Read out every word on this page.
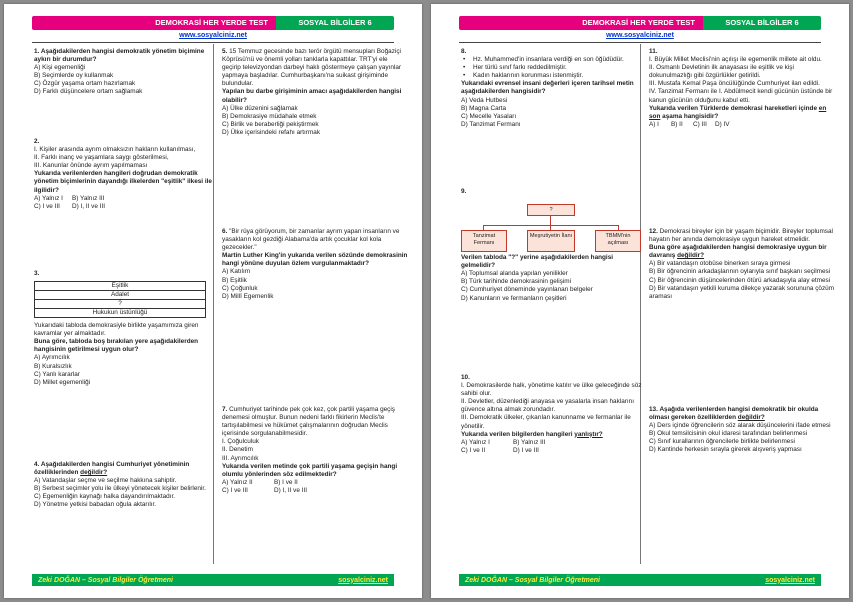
DEMOKRASİ HER YERDE TEST	SOSYAL BİLGİLER 6
www.sosyalciniz.net
1. Aşağıdakilerden hangisi demokratik yönetim biçimine aykırı bir durumdur?
A) Kişi egemenliği
B) Seçimlerde oy kullanmak
C) Özgür yaşama ortam hazırlamak
D) Farklı düşüncelere ortam sağlamak
2.
I. Kişiler arasında ayrım olmaksızın hakların kullanılması,
II. Farklı inanç ve yaşamlara saygı gösterilmesi,
III. Kanunlar önünde ayrım yapılmaması
Yukarıda verilenlerden hangileri doğrudan demokratik yönetim biçimlerinin dayandığı ilkelerden "eşitlik" ilkesi ile ilgilidir?
A) Yalnız I	B) Yalnız III
C) I ve III	D) I, II ve III
3.
Eşitlik
Adalet
?
Hukukun üstünlüğü
Yukarıdaki tabloda demokrasiyle birlikte yaşamımıza giren kavramlar yer almaktadır.
Buna göre, tabloda boş bırakılan yere aşağıdakilerden hangisinin getirilmesi uygun olur?
A) Ayrımcılık
B) Kuralsızlık
C) Yanlı kararlar
D) Millet egemenliği
4. Aşağıdakilerden hangisi Cumhuriyet yönetiminin özelliklerinden değildir?
A) Vatandaşlar seçme ve seçilme hakkına sahiptir.
B) Serbest seçimler yolu ile ülkeyi yönetecek kişiler belirlenir.
C) Egemenliğin kaynağı halka dayandırılmaktadır.
D) Yönetme yetkisi babadan oğula aktarılır.
5. 15 Temmuz gecesinde bazı terör örgütü mensupları Boğaziçi Köprüsü'nü ve önemli yolları tanklarla kapattılar. TRT'yi ele geçirip televizyondan darbeyi haklı göstermeye çalışan yayınlar yapmaya başladılar. Cumhurbaşkanı'na suikast girişiminde bulundular.
Yapılan bu darbe girişiminin amacı aşağıdakilerden hangisi olabilir?
A) Ülke düzenini sağlamak
B) Demokrasiye müdahale etmek
C) Birlik ve beraberliği pekiştirmek
D) Ülke içerisindeki refahı artırmak
6. "Bir rüya görüyorum, bir zamanlar ayrım yapan insanların ve yasakların kol gezdiği Alabama'da artık çocuklar kol kola gezecekler."
Martin Luther King'in yukarıda verilen sözünde demokrasinin hangi yönüne duyulan özlem vurgulanmaktadır?
A) Katılım
B) Eşitlik
C) Çoğunluk
D) Millî Egemenlik
7. Cumhuriyet tarihinde pek çok kez, çok partili yaşama geçiş denemesi olmuştur. Bunun nedeni farklı fikirlerin Meclis'te tartışılabilmesi ve hükümet çalışmalarının doğrudan Meclis içerisinde sorgulanabilmesidir.
I. Çoğulculuk
II. Denetim
III. Ayrımcılık
Yukarıda verilen metinde çok partili yaşama geçişin hangi olumlu yönlerinden söz edilmektedir?
A) Yalnız II	B) I ve II
C) I ve III	D) I, II ve III
Zeki DOĞAN – Sosyal Bilgiler Öğretmeni	sosyalciniz.net
DEMOKRASİ HER YERDE TEST	SOSYAL BİLGİLER 6
www.sosyalciniz.net
8.
• Hz. Muhammed'in insanlara verdiği en son öğüdüdür.
• Her türlü sınıf farkı reddedilmiştir.
• Kadın haklarının korunması istenmiştir.
Yukarıdaki evrensel insani değerleri içeren tarihsel metin aşağıdakilerden hangisidir?
A) Veda Hutbesi
B) Magna Carta
C) Mecelle Yasaları
D) Tanzimat Fermanı
9.
?
Tanzimat Fermanı
Meşrutiyetin İlanı	TBMM'nin açılması
Verilen tabloda "?" yerine aşağıdakilerden hangisi gelmelidir?
A) Toplumsal alanda yapılan yenilikler
B) Türk tarihinde demokrasinin gelişimi
C) Cumhuriyet döneminde yayınlanan belgeler
D) Kanunların ve fermanların çeşitleri
10.
I. Demokrasilerde halk, yönetime katılır ve ülke geleceğinde söz sahibi olur.
II. Devletler, düzenlediği anayasa ve yasalarla insan haklarını güvence altına almak zorundadır.
III. Demokratik ülkeler, çıkarılan kanunname ve fermanlar ile yönetilir.
Yukarıda verilen bilgilerden hangileri yanlıştır?
A) Yalnız I	B) Yalnız III
C) I ve II	D) I ve III
11.
I. Büyük Millet Meclisi'nin açılışı ile egemenlik millete ait oldu.
II. Osmanlı Devletinin ilk anayasası ile eşitlik ve kişi dokunulmazlığı gibi özgürlükler getirildi.
III. Mustafa Kemal Paşa öncülüğünde Cumhuriyet ilan edildi.
IV. Tanzimat Fermanı ile I. Abdülmecit kendi gücünün üstünde bir kanun gücünün olduğunu kabul etti.
Yukarıda verilen Türklerde demokrasi hareketleri içinde en son aşama hangisidir?
A) I	B) II	C) III	D) IV
12. Demokrasi bireyler için bir yaşam biçimidir. Bireyler toplumsal hayatın her anında demokrasiye uygun hareket etmelidir.
Buna göre aşağıdakilerden hangisi demokrasiye uygun bir davranış değildir?
A) Bir vatandaşın otobüse binerken sıraya girmesi
B) Bir öğrencinin arkadaşlarının oylarıyla sınıf başkanı seçilmesi
C) Bir öğrencinin düşüncelerinden ötürü arkadaşıyla alay etmesi
D) Bir vatandaşın yetkili kuruma dilekçe yazarak sorununa çözüm araması
13. Aşağıda verilenlerden hangisi demokratik bir okulda olması gereken özelliklerden değildir?
A) Ders içinde öğrencilerin söz alarak düşüncelerini ifade etmesi
B) Okul temsilcisinin okul idaresi tarafından belirlenmesi
C) Sınıf kurallarının öğrencilerle birlikte belirlenmesi
D) Kantinde herkesin sırayla girerek alışveriş yapması
Zeki DOĞAN – Sosyal Bilgiler Öğretmeni	sosyalciniz.net
